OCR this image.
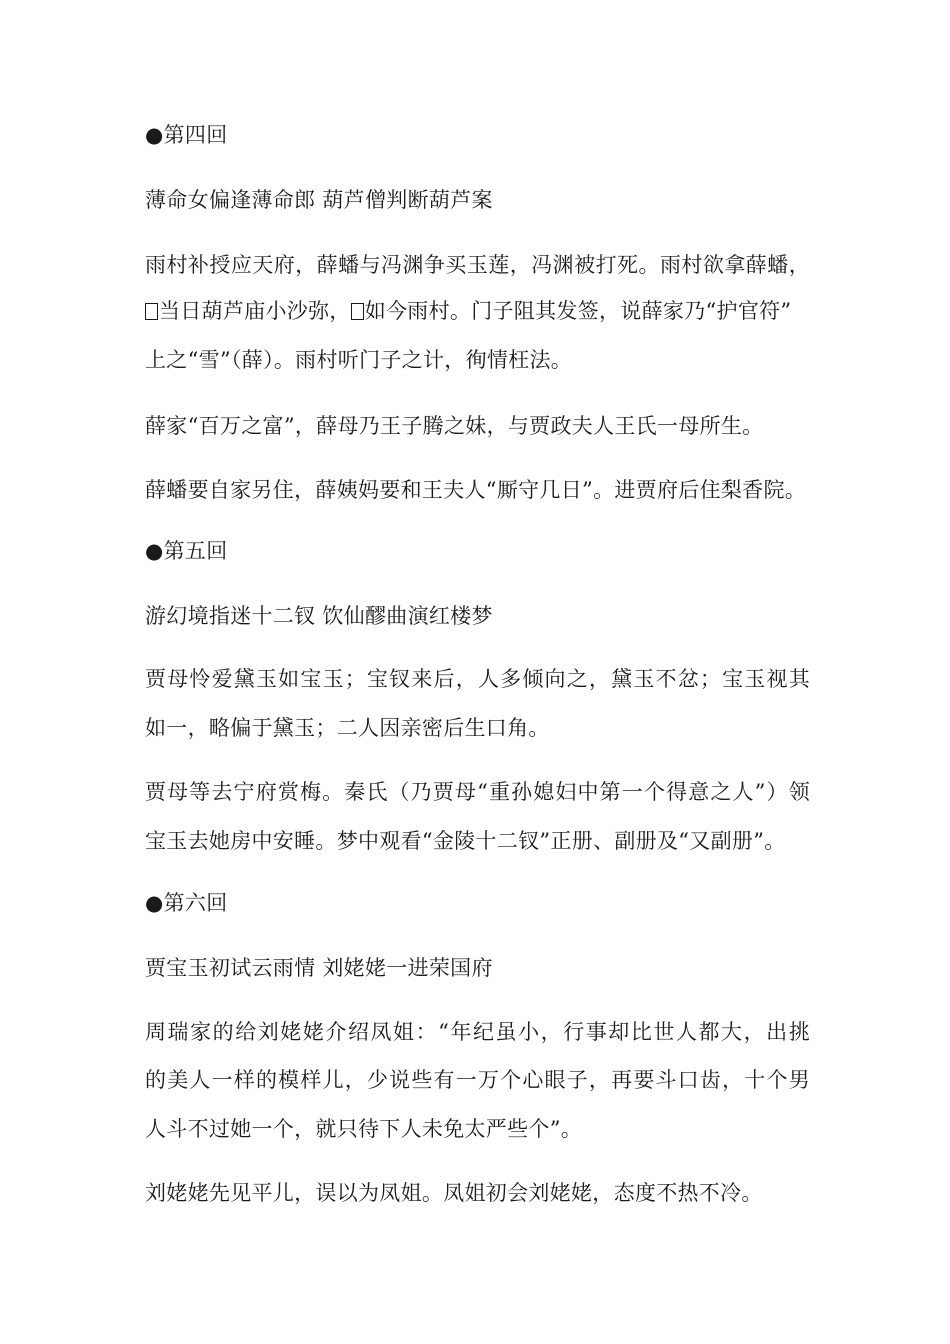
●第四回
薄命女偏逢薄命郎 葫芦僧判断葫芦案
雨村补授应天府，薛蟠与冯渊争买玉莲，冯渊被打死。雨村欲拿薛蟠，
当日葫芦庙小沙弥， 如今雨村。门子阻其发签，说薛家乃“护官符”
上之“雪”（薛）。雨村听门子之计，徇情枉法。
薛家“百万之富”，薛母乃王子腾之妹，与贾政夫人王氏一母所生。
薛蟠要自家另住，薛姨妈要和王夫人“厮守几日”。进贾府后住梨香院。
●第五回
游幻境指迷十二钗 饮仙醪曲演红楼梦
贾母怜爱黛玉如宝玉；宝钗来后，人多倾向之，黛玉不忿；宝玉视其
如一，略偏于黛玉；二人因亲密后生口角。
贾母等去宁府赏梅。秦氏（乃贾母“重孙媳妇中第一个得意之人”）领
宝玉去她房中安睡。梦中观看“金陵十二钗”正册、副册及“又副册”。
●第六回
贾宝玉初试云雨情 刘姥姥一进荣国府
周瑞家的给刘姥姥介绍凤姐：“年纪虽小，行事却比世人都大，出挑
的美人一样的模样儿，少说些有一万个心眼子，再要斗口齿，十个男
人斗不过她一个，就只待下人未免太严些个”。
刘姥姥先见平儿，误以为凤姐。凤姐初会刘姥姥，态度不热不冷。
